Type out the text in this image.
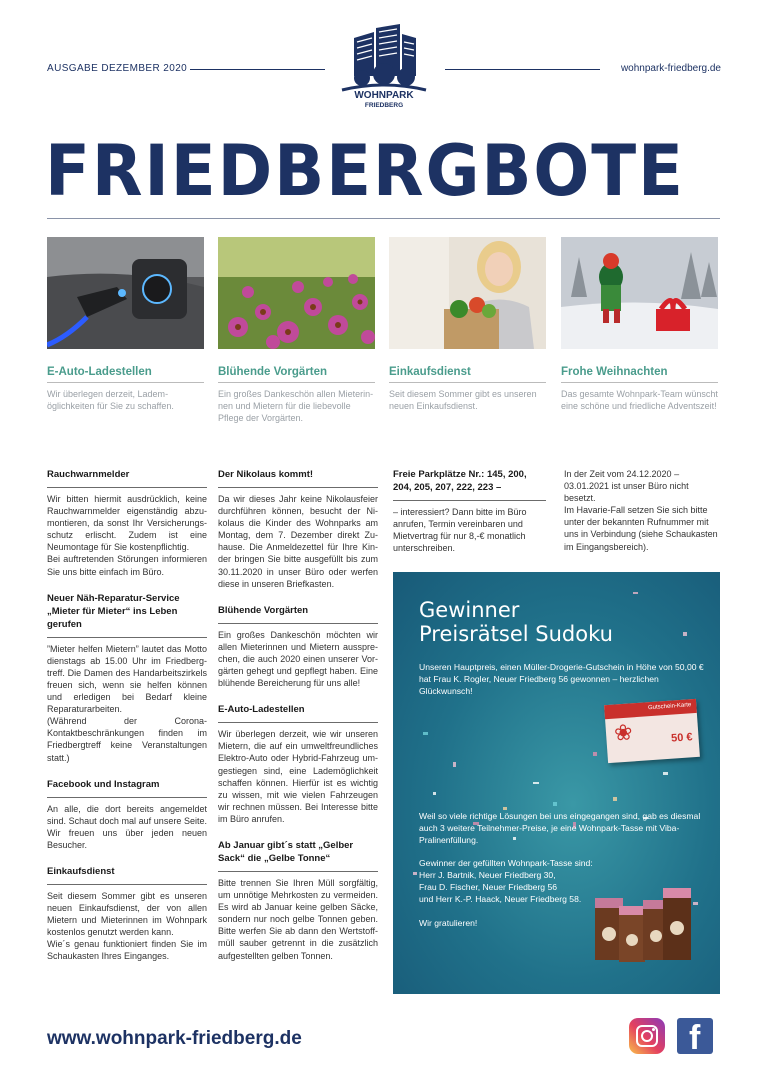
AUSGABE DEZEMBER 2020	wohnpark-friedberg.de
WOHNPARK
FRIEDBERG
FRIEDBERGBOTE
E-Auto-Ladestellen	Blühende Vorgärten	Einkaufsdienst	Frohe Weihnachten
Wir überlegen derzeit, Lademöglichkeiten für Sie zu schaffen.
Ein großes Dankeschön allen Mieterinnen und Mietern für die liebevolle Pflege der Vorgärten.
Seit diesem Sommer gibt es unseren neuen Einkaufsdienst.
Das gesamte Wohnpark-Team wünscht eine schöne und friedliche Adventszeit!
Rauchwarnmelder

Wir bitten hiermit ausdrücklich, keine Rauchwarnmelder eigenständig abzumontieren, da sonst Ihr Versicherungsschutz erlischt. Zudem ist eine Neumontage für Sie kostenpflichtig.
Bei auftretenden Störungen informieren Sie uns bitte einfach im Büro.

Neuer Näh-Reparatur-Service „Mieter für Mieter“ ins Leben gerufen

”Mieter helfen Mietern” lautet das Motto dienstags ab 15.00 Uhr im Friedbergtreff. Die Damen des Handarbeitszirkels freuen sich, wenn sie helfen können und erledigen bei Bedarf kleine Reparaturarbeiten.
(Während der Corona-Kontaktbeschränkungen finden im Friedbergtreff keine Veranstaltungen statt.)

Facebook und Instagram

An alle, die dort bereits angemeldet sind. Schaut doch mal auf unsere Seite. Wir freuen uns über jeden neuen Besucher.

Einkaufsdienst

Seit diesem Sommer gibt es unseren neuen Einkaufsdienst, der von allen Mietern und Mieterinnen im Wohnpark kostenlos genutzt werden kann.
Wie´s genau funktioniert finden Sie im Schaukasten Ihres Einganges.

Der Nikolaus kommt!

Da wir dieses Jahr keine Nikolausfeier durchführen können, besucht der Nikolaus die Kinder des Wohnparks am Montag, dem 7. Dezember direkt Zuhause. Die Anmeldezettel für Ihre Kinder bringen Sie bitte ausgefüllt bis zum 30.11.2020 in unser Büro oder werfen diese in unseren Briefkasten.

Blühende Vorgärten

Ein großes Dankeschön möchten wir allen Mieterinnen und Mietern aussprechen, die auch 2020 einen unserer Vorgärten gehegt und gepflegt haben. Eine blühende Bereicherung für uns alle!

E-Auto-Ladestellen

Wir überlegen derzeit, wie wir unseren Mietern, die auf ein umweltfreundliches Elektro-Auto oder Hybrid-Fahrzeug umgestiegen sind, eine Lademöglichkeit schaffen können. Hierfür ist es wichtig zu wissen, mit wie vielen Fahrzeugen wir rechnen müssen. Bei Interesse bitte im Büro anrufen.

Ab Januar gibt´s statt „Gelber Sack“ die „Gelbe Tonne“

Bitte trennen Sie Ihren Müll sorgfältig, um unnötige Mehrkosten zu vermeiden. Es wird ab Januar keine gelben Säcke, sondern nur noch gelbe Tonnen geben. Bitte werfen Sie ab dann den Wertstoffmüll sauber getrennt in die zusätzlich aufgestellten gelben Tonnen.

Freie Parkplätze Nr.: 145, 200, 204, 205, 207, 222, 223 –

– interessiert? Dann bitte im Büro anrufen, Termin vereinbaren und Mietvertrag für nur 8,-€ monatlich unterschreiben.

In der Zeit vom 24.12.2020 – 03.01.2021 ist unser Büro nicht besetzt.
Im Havarie-Fall setzen Sie sich bitte unter der bekannten Rufnummer mit uns in Verbindung (siehe Schaukasten im Eingangsbereich).

Gewinner
Preisrätsel Sudoku
Unseren Hauptpreis, einen Müller-Drogerie-Gutschein in Höhe von 50,00 € hat Frau K. Rogler, Neuer Friedberg 56 gewonnen – herzlichen Glückwunsch!
Gutschein-Karte
50 €
❀
Weil so viele richtige Lösungen bei uns eingegangen sind, gab es diesmal auch 3 weitere Teilnehmer-Preise, je eine Wohnpark-Tasse mit Viba-Pralinenfüllung.
Gewinner der gefüllten Wohnpark-Tasse sind:
Herr J. Bartnik, Neuer Friedberg 30,
Frau D. Fischer, Neuer Friedberg 56
und Herr K.-P. Haack, Neuer Friedberg 58.
Wir gratulieren!
www.wohnpark-friedberg.de	f
